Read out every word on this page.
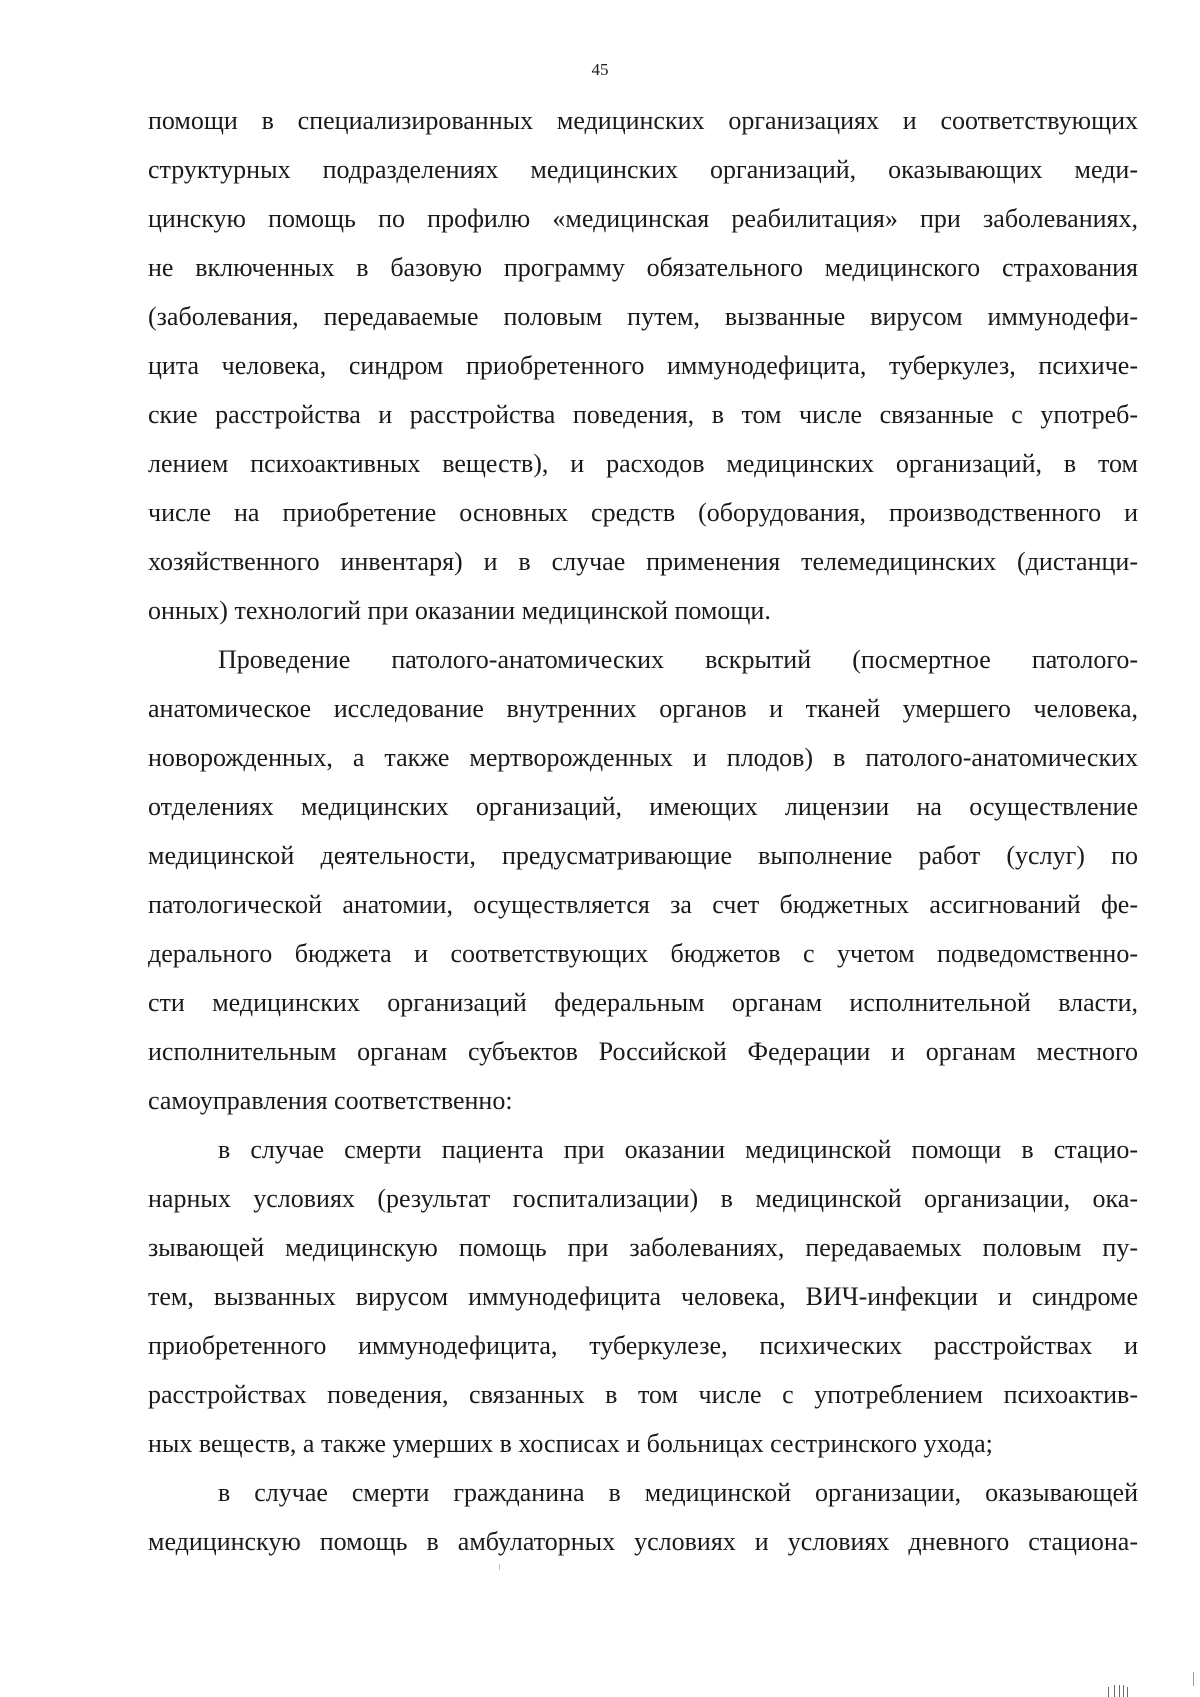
45

помощи в специализированных медицинских организациях и соответствующих

структурных подразделениях медицинских организаций, оказывающих меди-

цинскую помощь по профилю «медицинская реабилитация» при заболеваниях,

не включенных в базовую программу обязательного медицинского страхования

(заболевания, передаваемые половым путем, вызванные вирусом иммунодефи-

цита человека, синдром приобретенного иммунодефицита, туберкулез, психиче-

ские расстройства и расстройства поведения, в том числе связанные с употреб-

лением психоактивных веществ), и расходов медицинских организаций, в том

числе на приобретение основных средств (оборудования, производственного и

хозяйственного инвентаря) и в случае применения телемедицинских (дистанци-

онных) технологий при оказании медицинской помощи.

Проведение патолого-анатомических вскрытий (посмертное патолого-

анатомическое исследование внутренних органов и тканей умершего человека,

новорожденных, а также мертворожденных и плодов) в патолого-анатомических

отделениях медицинских организаций, имеющих лицензии на осуществление

медицинской деятельности, предусматривающие выполнение работ (услуг) по

патологической анатомии, осуществляется за счет бюджетных ассигнований фе-

дерального бюджета и соответствующих бюджетов с учетом подведомственно-

сти медицинских организаций федеральным органам исполнительной власти,

исполнительным органам субъектов Российской Федерации и органам местного

самоуправления соответственно:

в случае смерти пациента при оказании медицинской помощи в стацио-

нарных условиях (результат госпитализации) в медицинской организации, ока-

зывающей медицинскую помощь при заболеваниях, передаваемых половым пу-

тем, вызванных вирусом иммунодефицита человека, ВИЧ-инфекции и синдроме

приобретенного иммунодефицита, туберкулезе, психических расстройствах и

расстройствах поведения, связанных в том числе с употреблением психоактив-

ных веществ, а также умерших в хосписах и больницах сестринского ухода;

в случае смерти гражданина в медицинской организации, оказывающей

медицинскую помощь в амбулаторных условиях и условиях дневного стациона-
